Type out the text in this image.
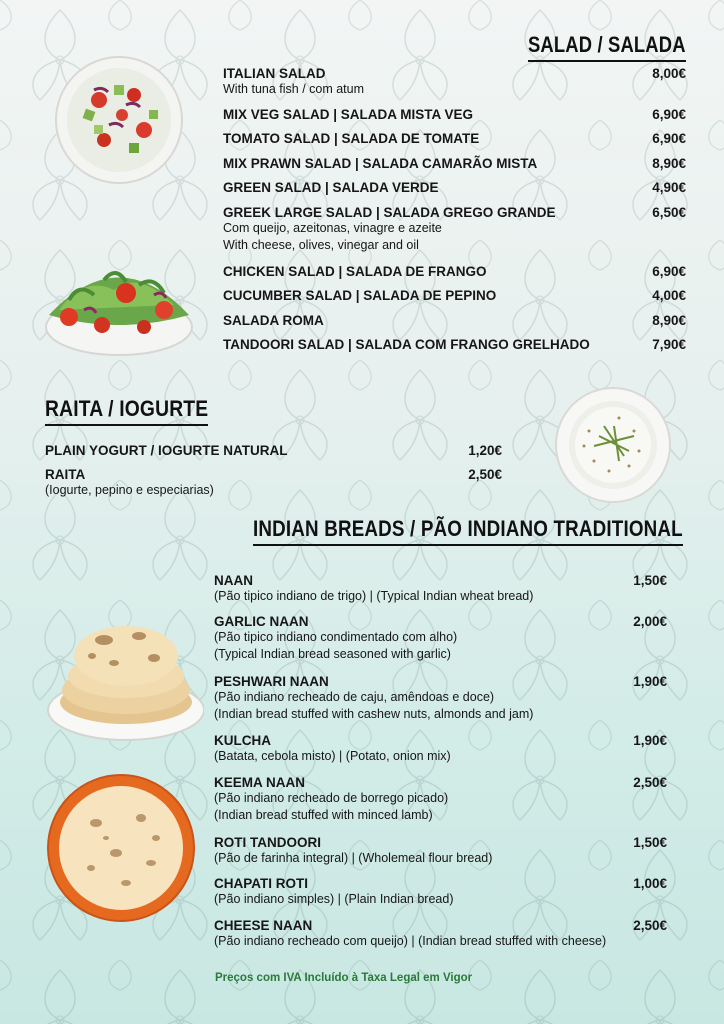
SALAD / SALADA
ITALIAN SALAD
With tuna fish / com atum
8,00€
MIX VEG SALAD | SALADA MISTA VEG	6,90€
TOMATO SALAD | SALADA DE TOMATE	6,90€
MIX PRAWN SALAD | SALADA CAMARÃO MISTA	8,90€
GREEN SALAD | SALADA VERDE	4,90€
GREEK LARGE SALAD | SALADA GREGO GRANDE
Com queijo, azeitonas, vinagre e azeite
With cheese, olives, vinegar and oil
6,50€
CHICKEN SALAD | SALADA DE FRANGO	6,90€
CUCUMBER SALAD | SALADA DE PEPINO	4,00€
SALADA ROMA	8,90€
TANDOORI SALAD | SALADA COM FRANGO GRELHADO	7,90€
RAITA / IOGURTE
PLAIN YOGURT / IOGURTE NATURAL	1,20€
RAITA
(Iogurte, pepino e especiarias)
2,50€
INDIAN BREADS / PÃO INDIANO TRADITIONAL
NAAN
(Pão tipico indiano de trigo) | (Typical Indian wheat bread)
1,50€
GARLIC NAAN
(Pão tipico indiano condimentado com alho)
(Typical Indian bread seasoned with garlic)
2,00€
PESHWARI NAAN
(Pão indiano recheado de caju, amêndoas e doce)
(Indian bread stuffed with cashew nuts, almonds and jam)
1,90€
KULCHA
(Batata, cebola misto) | (Potato, onion mix)
1,90€
KEEMA NAAN
(Pão indiano recheado de borrego picado)
(Indian bread stuffed with minced lamb)
2,50€
ROTI TANDOORI
(Pão de farinha integral) | (Wholemeal flour bread)
1,50€
CHAPATI ROTI
(Pão indiano simples) | (Plain Indian bread)
1,00€
CHEESE NAAN
(Pão indiano recheado com queijo) | (Indian bread stuffed with cheese)
2,50€
Preços com IVA Incluído à Taxa Legal em Vigor
